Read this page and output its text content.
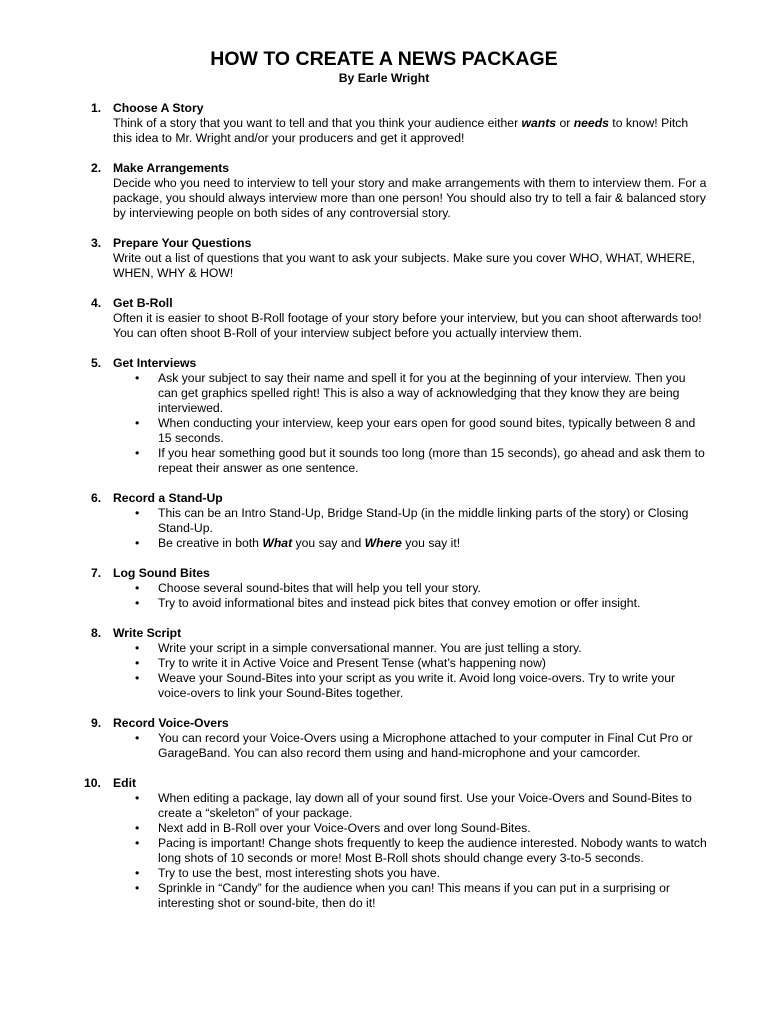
HOW TO CREATE A NEWS PACKAGE
By Earle Wright
1. Choose A Story
Think of a story that you want to tell and that you think your audience either wants or needs to know! Pitch this idea to Mr. Wright and/or your producers and get it approved!
2. Make Arrangements
Decide who you need to interview to tell your story and make arrangements with them to interview them. For a package, you should always interview more than one person! You should also try to tell a fair & balanced story by interviewing people on both sides of any controversial story.
3. Prepare Your Questions
Write out a list of questions that you want to ask your subjects. Make sure you cover WHO, WHAT, WHERE, WHEN, WHY & HOW!
4. Get B-Roll
Often it is easier to shoot B-Roll footage of your story before your interview, but you can shoot afterwards too! You can often shoot B-Roll of your interview subject before you actually interview them.
5. Get Interviews
• Ask your subject to say their name and spell it for you at the beginning of your interview. Then you can get graphics spelled right! This is also a way of acknowledging that they know they are being interviewed.
• When conducting your interview, keep your ears open for good sound bites, typically between 8 and 15 seconds.
• If you hear something good but it sounds too long (more than 15 seconds), go ahead and ask them to repeat their answer as one sentence.
6. Record a Stand-Up
• This can be an Intro Stand-Up, Bridge Stand-Up (in the middle linking parts of the story) or Closing Stand-Up.
• Be creative in both What you say and Where you say it!
7. Log Sound Bites
• Choose several sound-bites that will help you tell your story.
• Try to avoid informational bites and instead pick bites that convey emotion or offer insight.
8. Write Script
• Write your script in a simple conversational manner. You are just telling a story.
• Try to write it in Active Voice and Present Tense (what’s happening now)
• Weave your Sound-Bites into your script as you write it. Avoid long voice-overs. Try to write your voice-overs to link your Sound-Bites together.
9. Record Voice-Overs
• You can record your Voice-Overs using a Microphone attached to your computer in Final Cut Pro or GarageBand. You can also record them using and hand-microphone and your camcorder.
10. Edit
• When editing a package, lay down all of your sound first. Use your Voice-Overs and Sound-Bites to create a “skeleton” of your package.
• Next add in B-Roll over your Voice-Overs and over long Sound-Bites.
• Pacing is important! Change shots frequently to keep the audience interested. Nobody wants to watch long shots of 10 seconds or more! Most B-Roll shots should change every 3-to-5 seconds.
• Try to use the best, most interesting shots you have.
• Sprinkle in “Candy” for the audience when you can! This means if you can put in a surprising or interesting shot or sound-bite, then do it!
